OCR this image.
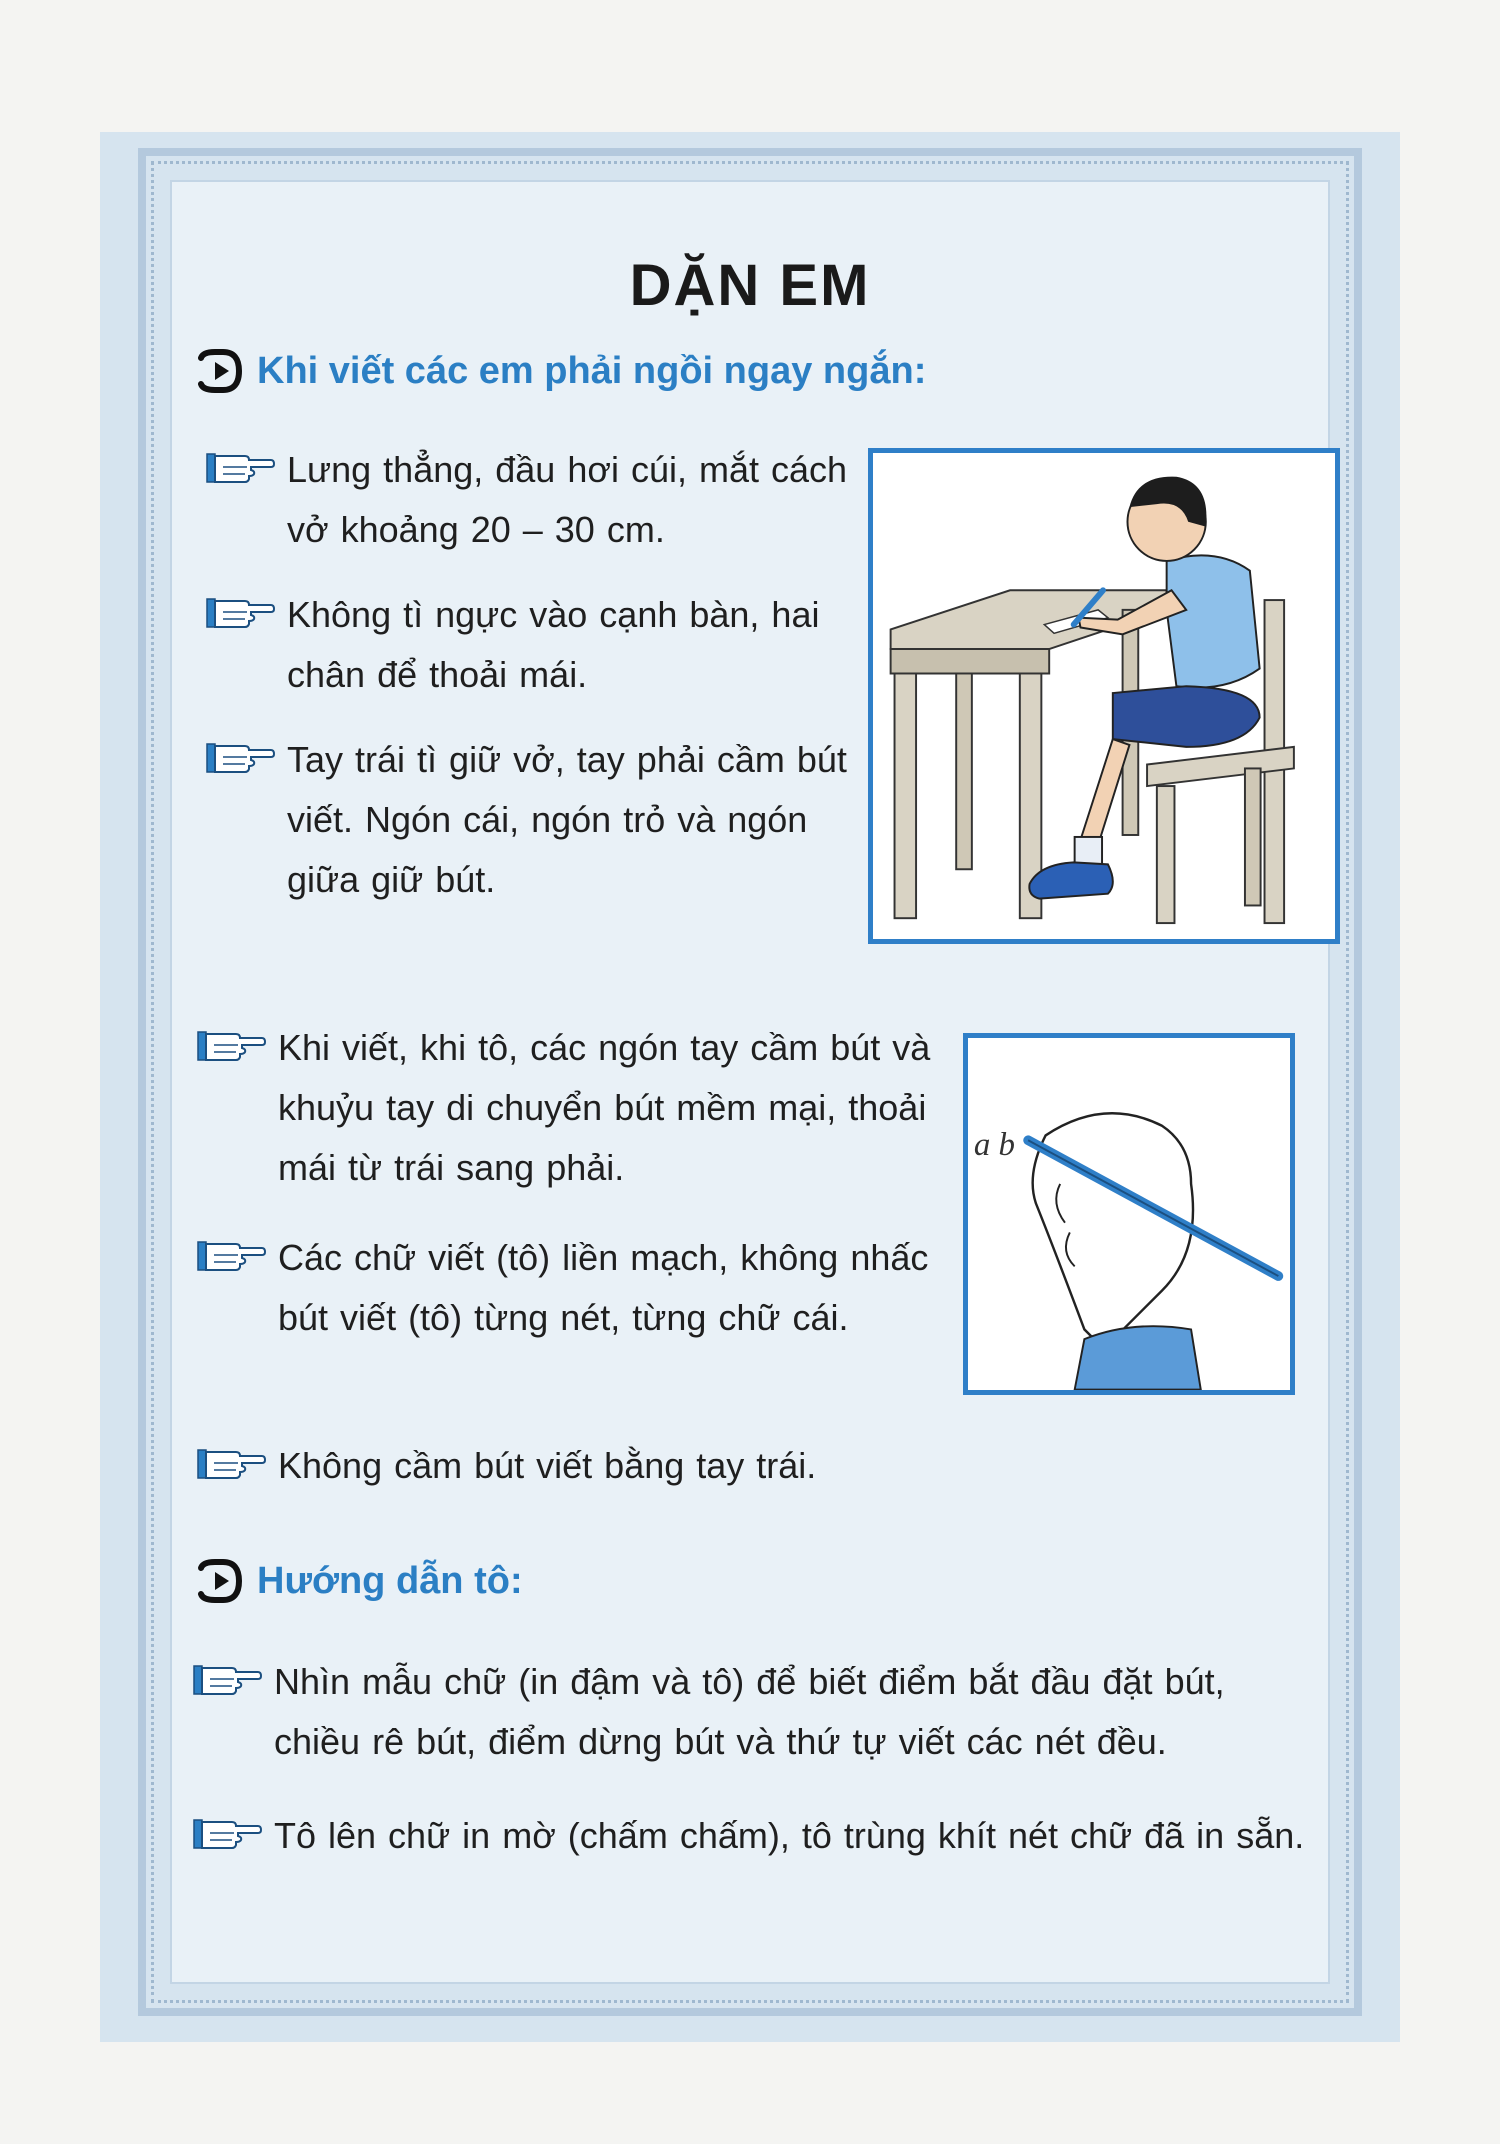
DẶN EM
Khi viết các em phải ngồi ngay ngắn:
Lưng thẳng, đầu hơi cúi, mắt cách vở khoảng 20 – 30 cm.
Không tì ngực vào cạnh bàn, hai chân để thoải mái.
Tay trái tì giữ vở, tay phải cầm bút viết. Ngón cái, ngón trỏ và ngón giữa giữ bút.
Khi viết, khi tô, các ngón tay cầm bút và khuỷu tay di chuyển bút mềm mại, thoải mái từ trái sang phải.
Các chữ viết (tô) liền mạch, không nhấc bút viết (tô) từng nét, từng chữ cái.
Không cầm bút viết bằng tay trái.
Hướng dẫn tô:
Nhìn mẫu chữ (in đậm và tô) để biết điểm bắt đầu đặt bút, chiều rê bút, điểm dừng bút và thứ tự viết các nét đều.
Tô lên chữ in mờ (chấm chấm), tô trùng khít nét chữ đã in sẵn.
a b
